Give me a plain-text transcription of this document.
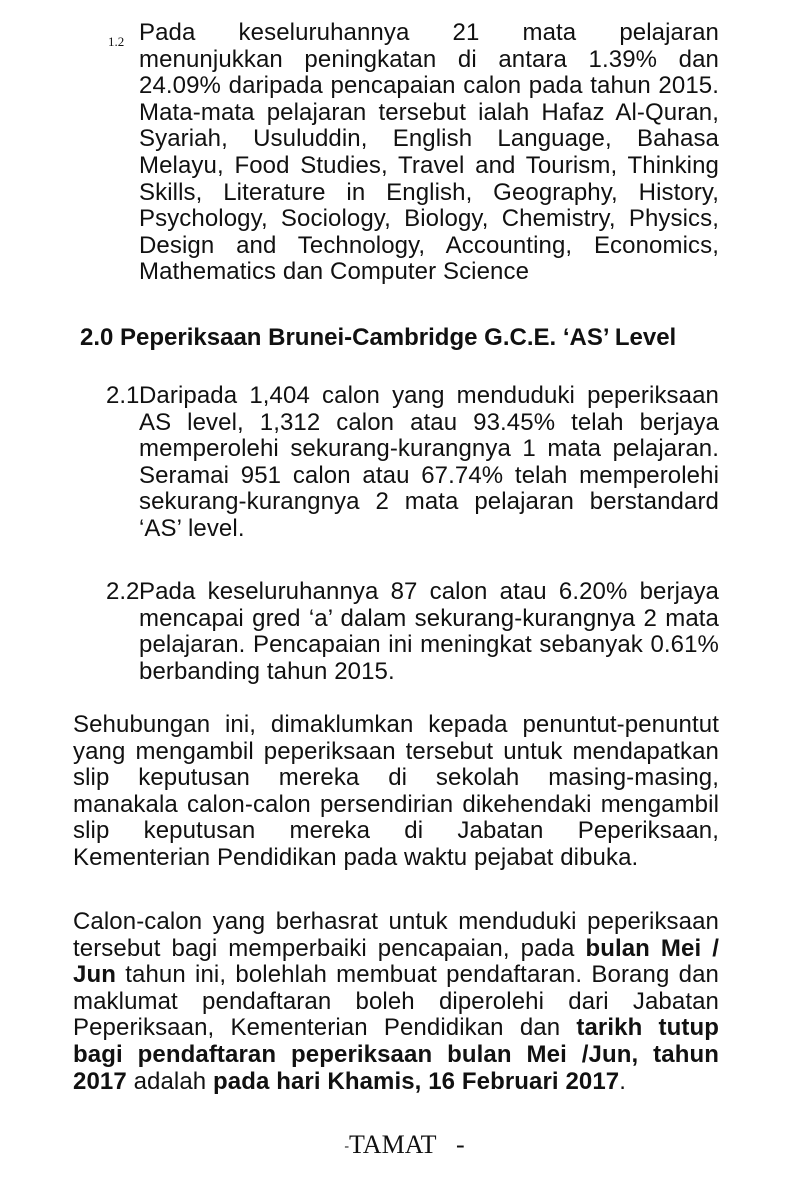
1.2 Pada keseluruhannya 21 mata pelajaran menunjukkan peningkatan di antara 1.39% dan 24.09% daripada pencapaian calon pada tahun 2015. Mata-mata pelajaran tersebut ialah Hafaz Al-Quran, Syariah, Usuluddin, English Language, Bahasa Melayu, Food Studies, Travel and Tourism, Thinking Skills, Literature in English, Geography, History, Psychology, Sociology, Biology, Chemistry, Physics, Design and Technology, Accounting, Economics, Mathematics dan Computer Science
2.0 Peperiksaan Brunei-Cambridge G.C.E. ‘AS’ Level
2.1 Daripada 1,404 calon yang menduduki peperiksaan AS level, 1,312 calon atau 93.45% telah berjaya memperolehi sekurang-kurangnya 1 mata pelajaran. Seramai 951 calon atau 67.74% telah memperolehi sekurang-kurangnya 2 mata pelajaran berstandard ‘AS’ level.
2.2 Pada keseluruhannya 87 calon atau 6.20% berjaya mencapai gred ‘a’ dalam sekurang-kurangnya 2 mata pelajaran. Pencapaian ini meningkat sebanyak 0.61% berbanding tahun 2015.
Sehubungan ini, dimaklumkan kepada penuntut-penuntut yang mengambil peperiksaan tersebut untuk mendapatkan slip keputusan mereka di sekolah masing-masing, manakala calon-calon persendirian dikehendaki mengambil slip keputusan mereka di Jabatan Peperiksaan, Kementerian Pendidikan pada waktu pejabat dibuka.
Calon-calon yang berhasrat untuk menduduki peperiksaan tersebut bagi memperbaiki pencapaian, pada bulan Mei / Jun tahun ini, bolehlah membuat pendaftaran. Borang dan maklumat pendaftaran boleh diperolehi dari Jabatan Peperiksaan, Kementerian Pendidikan dan tarikh tutup bagi pendaftaran peperiksaan bulan Mei /Jun, tahun 2017 adalah pada hari Khamis, 16 Februari 2017.
-TAMAT -
